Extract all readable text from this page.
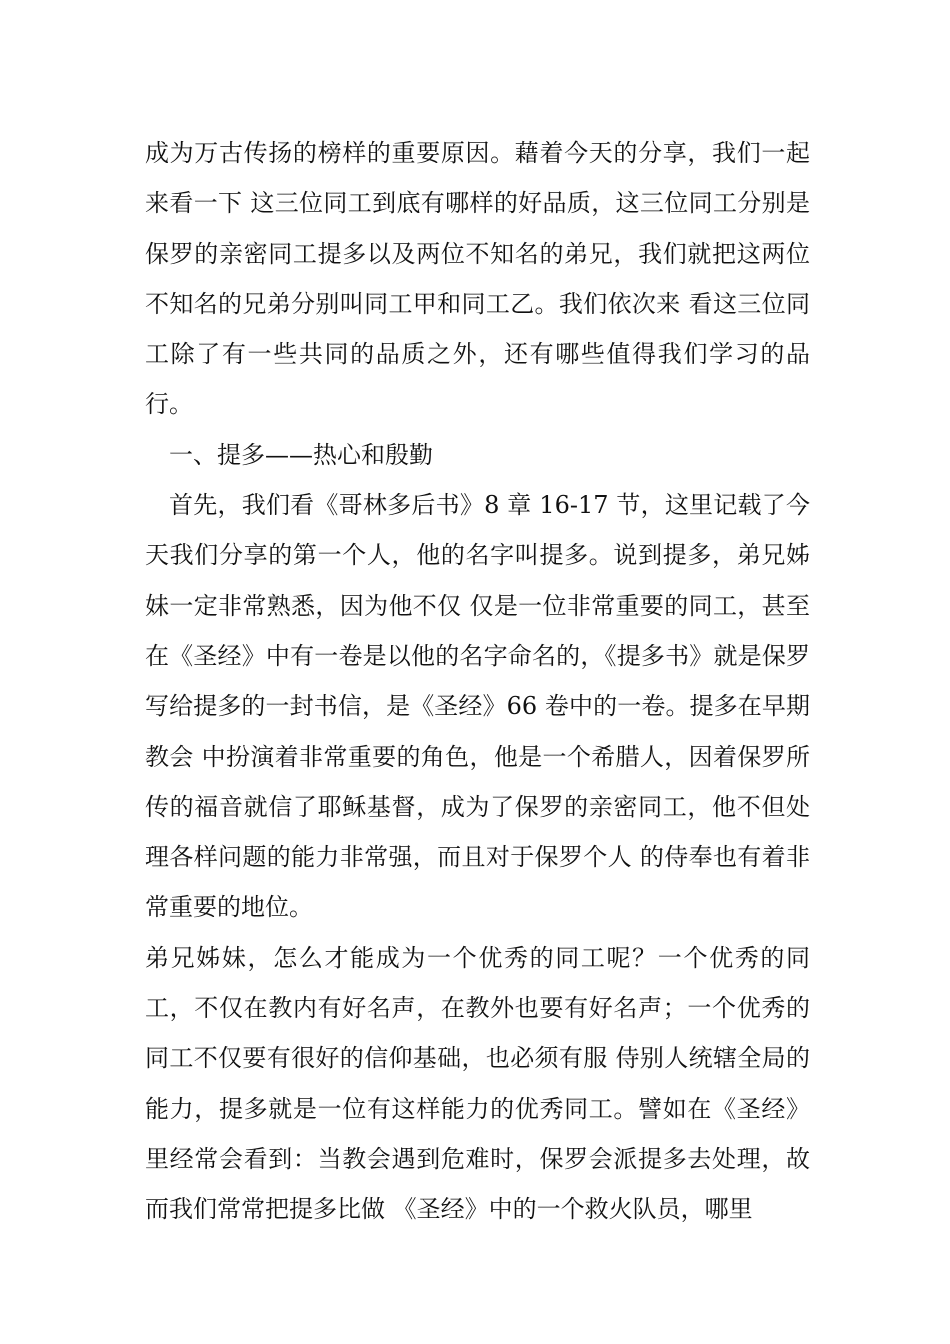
成为万古传扬的榜样的重要原因。藉着今天的分享，我们一起来看一下 这三位同工到底有哪样的好品质，这三位同工分别是保罗的亲密同工提多以及两位不知名的弟兄，我们就把这两位不知名的兄弟分别叫同工甲和同工乙。我们依次来 看这三位同工除了有一些共同的品质之外，还有哪些值得我们学习的品行。

一、提多——热心和殷勤

首先，我们看《哥林多后书》8 章 16-17 节，这里记载了今天我们分享的第一个人，他的名字叫提多。说到提多，弟兄姊妹一定非常熟悉，因为他不仅 仅是一位非常重要的同工，甚至在《圣经》中有一卷是以他的名字命名的，《提多书》就是保罗写给提多的一封书信，是《圣经》66 卷中的一卷。提多在早期教会 中扮演着非常重要的角色，他是一个希腊人，因着保罗所传的福音就信了耶稣基督，成为了保罗的亲密同工，他不但处理各样问题的能力非常强，而且对于保罗个人 的侍奉也有着非常重要的地位。

弟兄姊妹，怎么才能成为一个优秀的同工呢？一个优秀的同工，不仅在教内有好名声，在教外也要有好名声；一个优秀的同工不仅要有很好的信仰基础，也必须有服 侍别人统辖全局的能力，提多就是一位有这样能力的优秀同工。譬如在《圣经》里经常会看到：当教会遇到危难时，保罗会派提多去处理，故而我们常常把提多比做 《圣经》中的一个救火队员，哪里
